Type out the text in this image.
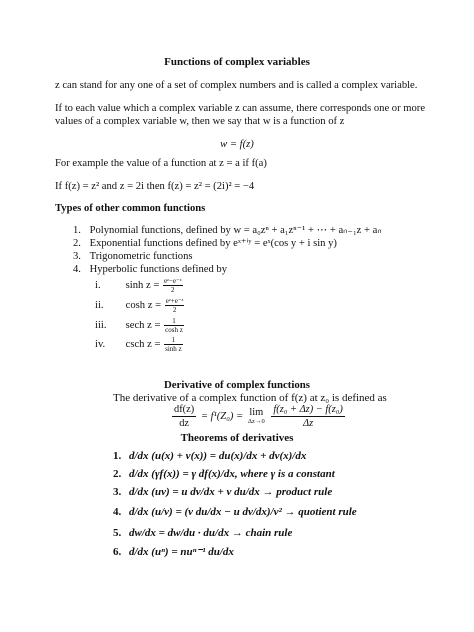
Functions of complex variables
z can stand for any one of a set of complex numbers and is called a complex variable.
If to each value which a complex variable z can assume, there corresponds one or more
values of a complex variable w, then we say that w is a function of z
w = f(z)
For example the value of a function at z = a if f(a)
If f(z) = z² and z = 2i then f(z) = z² = (2i)² = −4
Types of other common functions
1. Polynomial functions, defined by w = a₀zⁿ + a₁zⁿ⁻¹ + ⋯ + aₙ₋₁z + aₙ
2. Exponential functions defined by eˣ⁺ⁱʸ = eˣ(cos y + i sin y)
3. Trigonometric functions
4. Hyperbolic functions defined by
i. $\sinh z = \frac{\text{eᶻ−e⁻ᶻ}}{2}$
ii. $\cosh z = \frac{\text{eᶻ+e⁻ᶻ}}{2}$
iii. sech $z = \frac{1}{\text{cosh z}}$
iv. csch $z = \frac{1}{\text{sinh z}}$
Derivative of complex functions
The derivative of a complex function of f(z) at z₀ is defined as
$\frac{df(z)}{dz} = f^1(Z_0) = \lim$
Δz→0
$\frac{\text{f(z₀ + Δz) − f(z₀)}}{\Delta z}$
Theorems of derivatives
1. d/dx (u(x) + v(x)) = du(x)/dx + dv(x)/dx
2. d/dx (γf(x)) = γ df(x)/dx, where γ is a constant
3. d/dx (uv) = u dv/dx + v du/dx → product rule
4. d/dx (u/v) = (v du/dx − u dv/dx)/v² → quotient rule
5. dw/dx = dw/du · du/dx → chain rule
6. d/dx (uⁿ) = nuⁿ⁻¹ du/dx
